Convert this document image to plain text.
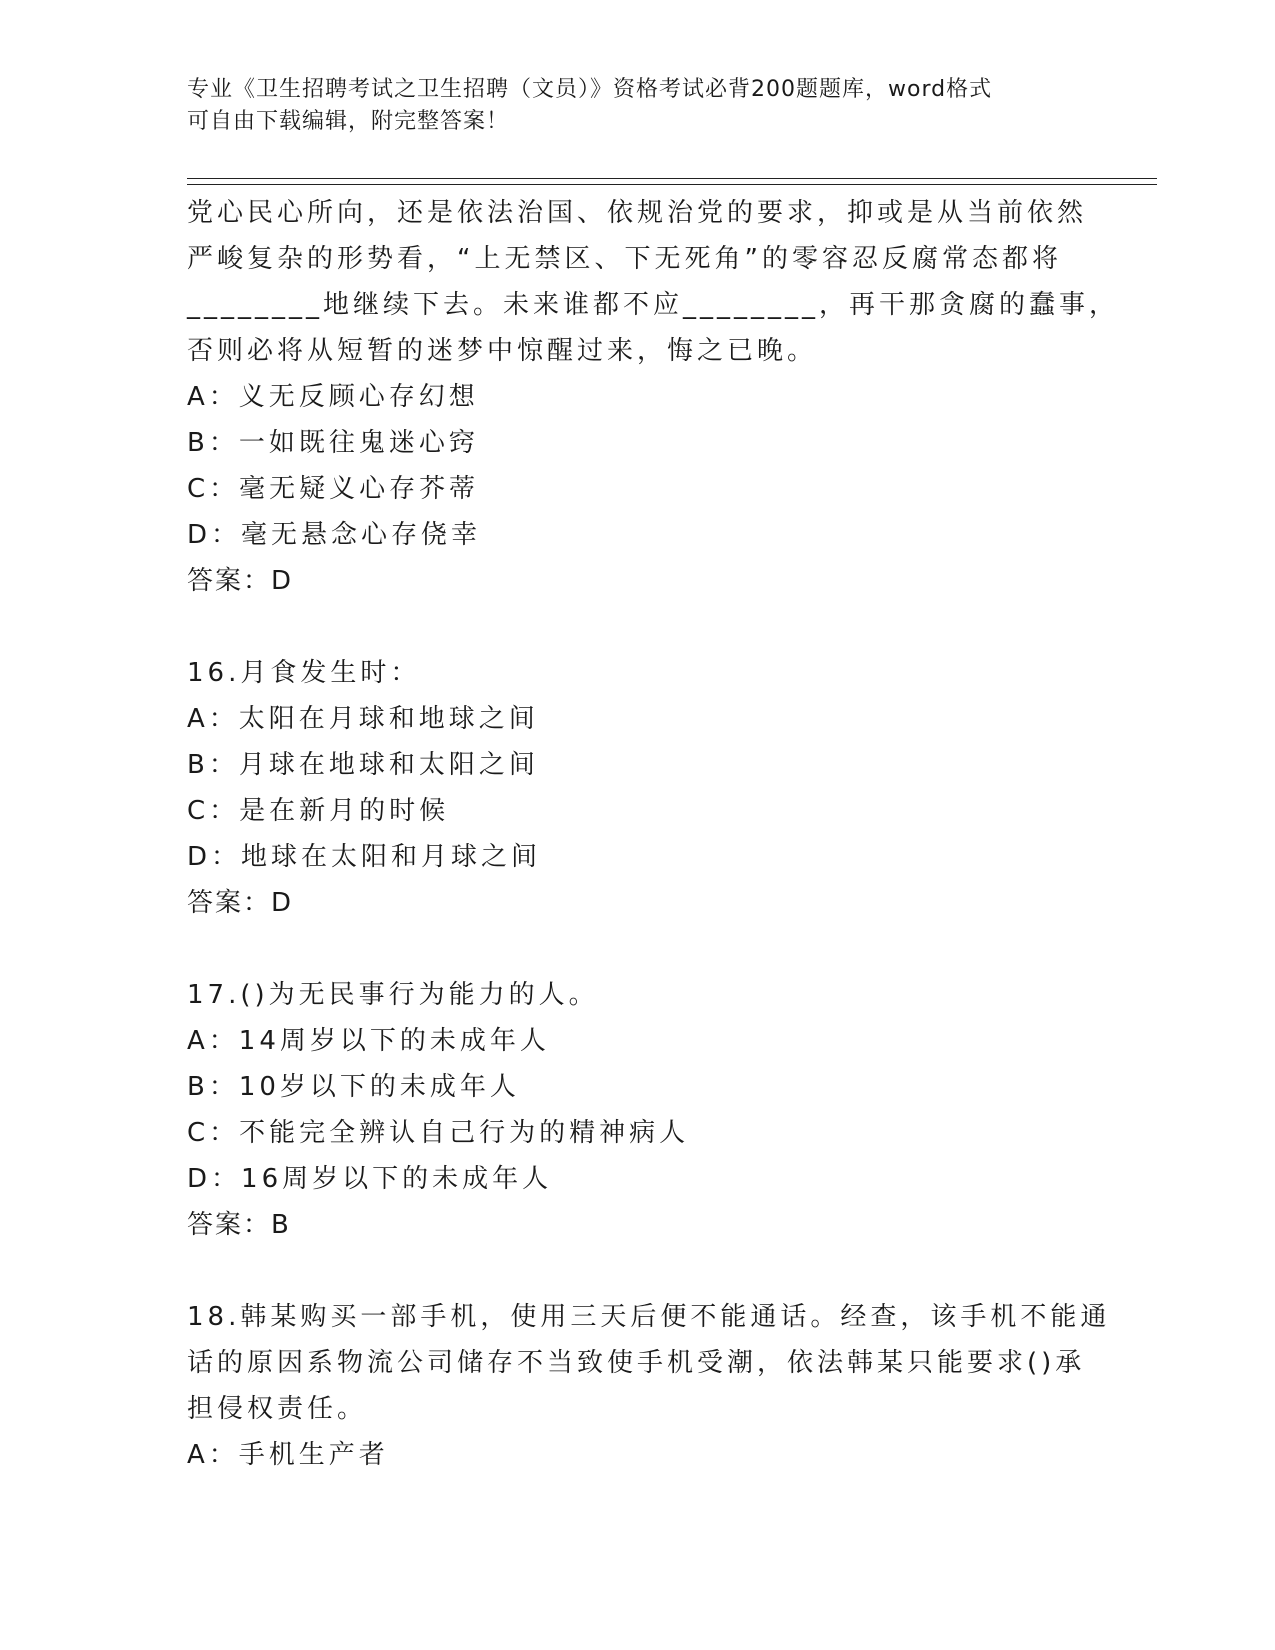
专业《卫生招聘考试之卫生招聘（文员）》资格考试必背200题题库，word格式
可自由下载编辑，附完整答案！
党心民心所向，还是依法治国、依规治党的要求，抑或是从当前依然
严峻复杂的形势看，“上无禁区、下无死角”的零容忍反腐常态都将
________地继续下去。未来谁都不应________，再干那贪腐的蠢事，
否则必将从短暂的迷梦中惊醒过来，悔之已晚。
A：义无反顾心存幻想
B：一如既往鬼迷心窍
C：毫无疑义心存芥蒂
D：毫无悬念心存侥幸
答案：D
16.月食发生时：
A：太阳在月球和地球之间
B：月球在地球和太阳之间
C：是在新月的时候
D：地球在太阳和月球之间
答案：D
17.()为无民事行为能力的人。
A：14周岁以下的未成年人
B：10岁以下的未成年人
C：不能完全辨认自己行为的精神病人
D：16周岁以下的未成年人
答案：B
18.韩某购买一部手机，使用三天后便不能通话。经查，该手机不能通
话的原因系物流公司储存不当致使手机受潮，依法韩某只能要求()承
担侵权责任。
A：手机生产者
